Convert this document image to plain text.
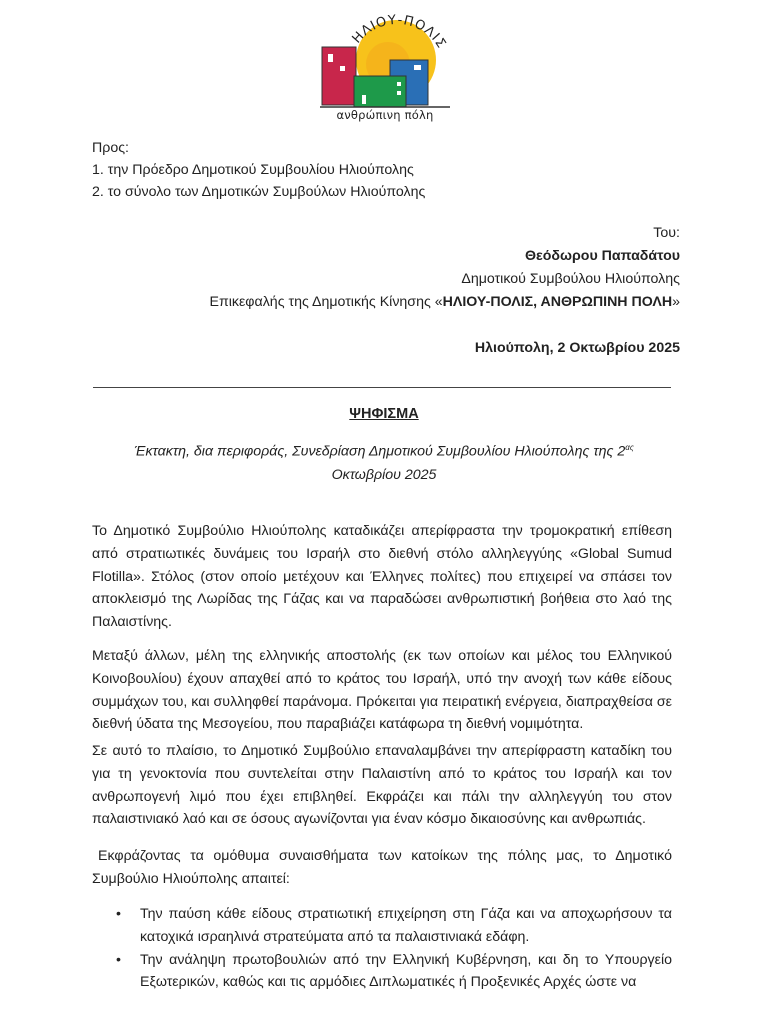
ΗΛΙΟΥ-ΠΟΛΙΣ
ανθρώπινη πόλη
Προς:
1. την Πρόεδρο Δημοτικού Συμβουλίου Ηλιούπολης
2. το σύνολο των Δημοτικών Συμβούλων Ηλιούπολης
Του:
Θεόδωρου Παπαδάτου
Δημοτικού Συμβούλου Ηλιούπολης
Επικεφαλής της Δημοτικής Κίνησης «ΗΛΙΟΥ-ΠΟΛΙΣ, ΑΝΘΡΩΠΙΝΗ ΠΟΛΗ»
Ηλιούπολη, 2 Οκτωβρίου 2025
ΨΗΦΙΣΜΑ
Έκτακτη, δια περιφοράς, Συνεδρίαση Δημοτικού Συμβουλίου Ηλιούπολης της $2^{\alpha\varsigma}$ Οκτωβρίου 2025
Το Δημοτικό Συμβούλιο Ηλιούπολης καταδικάζει απερίφραστα την τρομοκρατική επίθεση από στρατιωτικές δυνάμεις του Ισραήλ στο διεθνή στόλο αλληλεγγύης «Global Sumud Flotilla». Στόλος (στον οποίο μετέχουν και Έλληνες πολίτες) που επιχειρεί να σπάσει τον αποκλεισμό της Λωρίδας της Γάζας και να παραδώσει ανθρωπιστική βοήθεια στο λαό της Παλαιστίνης.
Μεταξύ άλλων, μέλη της ελληνικής αποστολής (εκ των οποίων και μέλος του Ελληνικού Κοινοβουλίου) έχουν απαχθεί από το κράτος του Ισραήλ, υπό την ανοχή των κάθε είδους συμμάχων του, και συλληφθεί παράνομα. Πρόκειται για πειρατική ενέργεια, διαπραχθείσα σε διεθνή ύδατα της Μεσογείου, που παραβιάζει κατάφωρα τη διεθνή νομιμότητα.
Σε αυτό το πλαίσιο, το Δημοτικό Συμβούλιο επαναλαμβάνει την απερίφραστη καταδίκη του για τη γενοκτονία που συντελείται στην Παλαιστίνη από το κράτος του Ισραήλ και τον ανθρωπογενή λιμό που έχει επιβληθεί. Εκφράζει και πάλι την αλληλεγγύη του στον παλαιστινιακό λαό και σε όσους αγωνίζονται για έναν κόσμο δικαιοσύνης και ανθρωπιάς.
Εκφράζοντας τα ομόθυμα συναισθήματα των κατοίκων της πόλης μας, το Δημοτικό Συμβούλιο Ηλιούπολης απαιτεί:
• Την παύση κάθε είδους στρατιωτική επιχείρηση στη Γάζα και να αποχωρήσουν τα κατοχικά ισραηλινά στρατεύματα από τα παλαιστινιακά εδάφη.
• Την ανάληψη πρωτοβουλιών από την Ελληνική Κυβέρνηση, και δη το Υπουργείο Εξωτερικών, καθώς και τις αρμόδιες Διπλωματικές ή Προξενικές Αρχές ώστε να
